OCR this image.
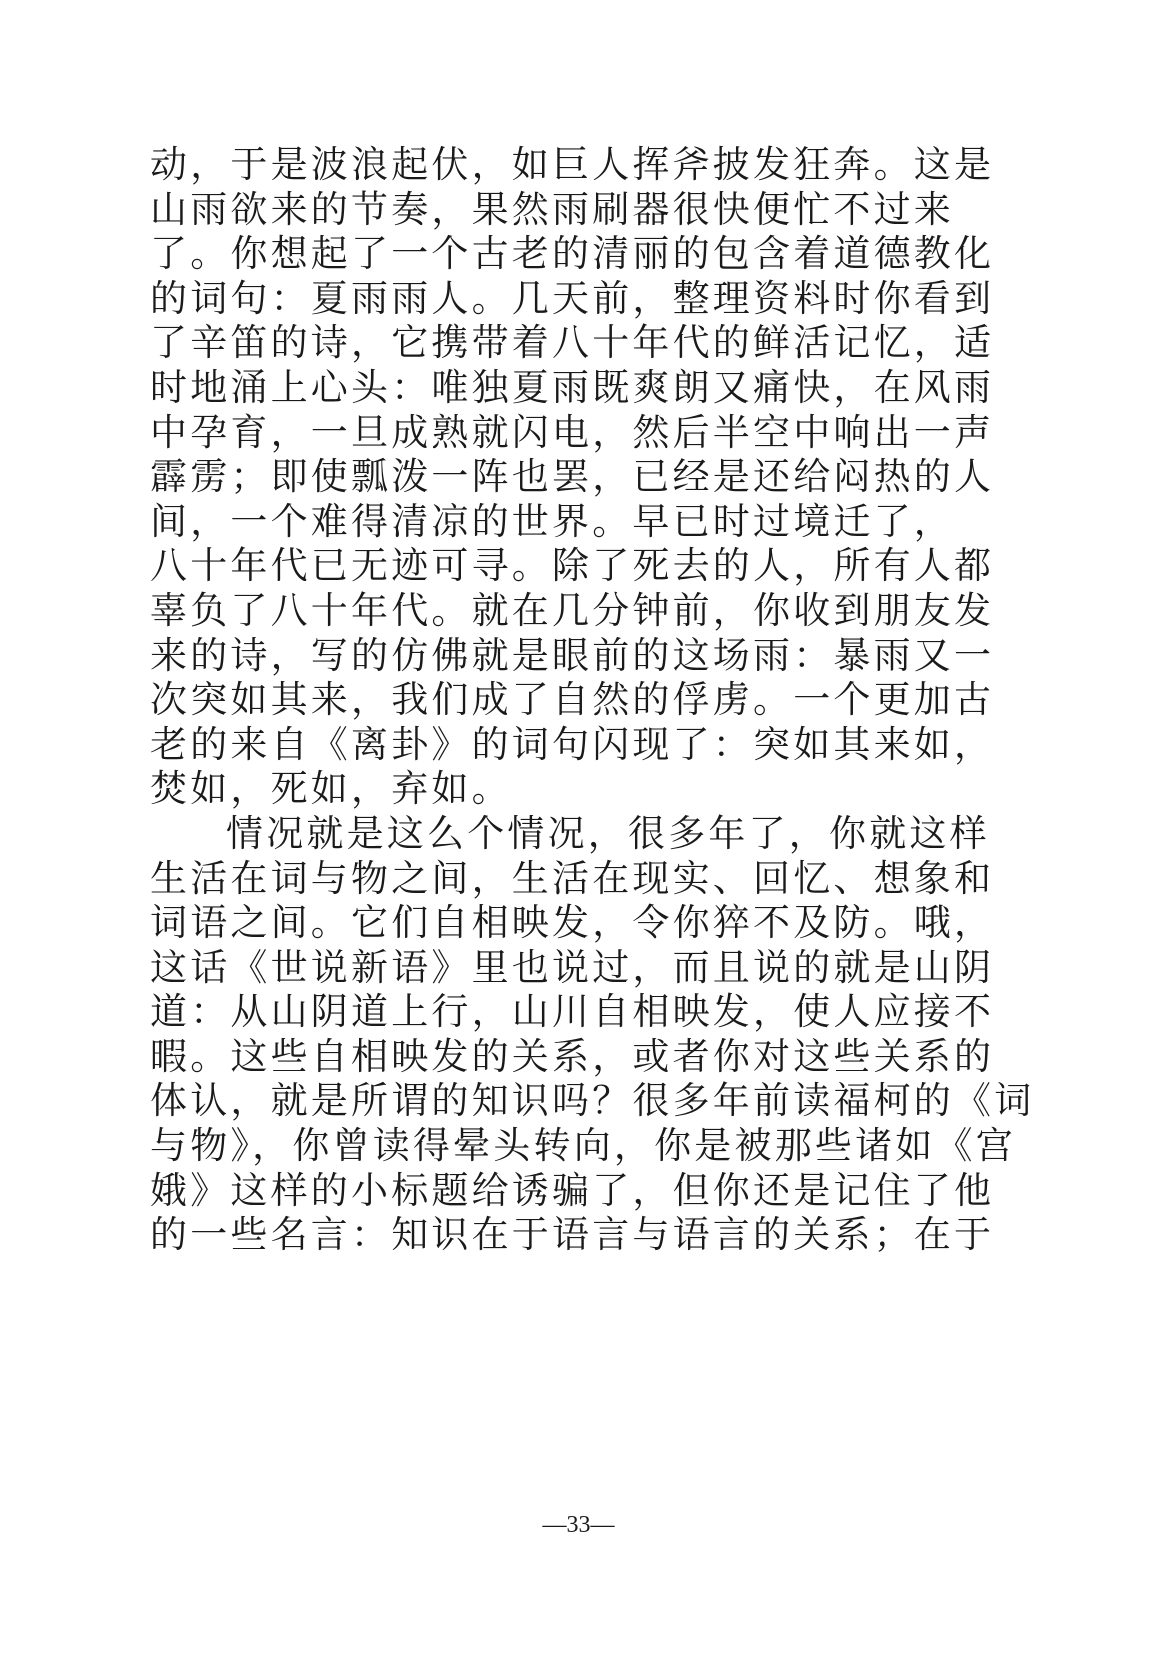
动，于是波浪起伏，如巨人挥斧披发狂奔。这是
山雨欲来的节奏，果然雨刷器很快便忙不过来
了。你想起了一个古老的清丽的包含着道德教化
的词句：夏雨雨人。几天前，整理资料时你看到
了辛笛的诗，它携带着八十年代的鲜活记忆，适
时地涌上心头：唯独夏雨既爽朗又痛快，在风雨
中孕育，一旦成熟就闪电，然后半空中响出一声
霹雳；即使瓢泼一阵也罢，已经是还给闷热的人
间，一个难得清凉的世界。早已时过境迁了，
八十年代已无迹可寻。除了死去的人，所有人都
辜负了八十年代。就在几分钟前，你收到朋友发
来的诗，写的仿佛就是眼前的这场雨：暴雨又一
次突如其来，我们成了自然的俘虏。一个更加古
老的来自《离卦》的词句闪现了：突如其来如，
焚如，死如，弃如。
情况就是这么个情况，很多年了，你就这样
生活在词与物之间，生活在现实、回忆、想象和
词语之间。它们自相映发，令你猝不及防。哦，
这话《世说新语》里也说过，而且说的就是山阴
道：从山阴道上行，山川自相映发，使人应接不
暇。这些自相映发的关系，或者你对这些关系的
体认，就是所谓的知识吗？很多年前读福柯的《词
与物》，你曾读得晕头转向，你是被那些诸如《宫
娥》这样的小标题给诱骗了，但你还是记住了他
的一些名言：知识在于语言与语言的关系；在于
—33—
